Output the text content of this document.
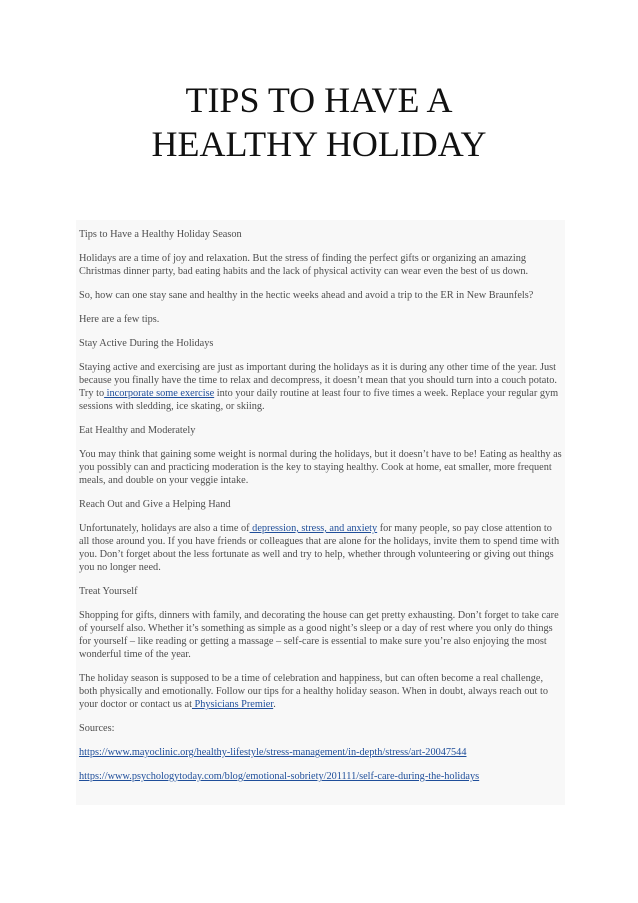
TIPS TO HAVE A
HEALTHY HOLIDAY

Tips to Have a Healthy Holiday Season

Holidays are a time of joy and relaxation. But the stress of finding the perfect gifts or organizing an amazing Christmas dinner party, bad eating habits and the lack of physical activity can wear even the best of us down.

So, how can one stay sane and healthy in the hectic weeks ahead and avoid a trip to the ER in New Braunfels?

Here are a few tips.

Stay Active During the Holidays

Staying active and exercising are just as important during the holidays as it is during any other time of the year. Just because you finally have the time to relax and decompress, it doesn’t mean that you should turn into a couch potato. Try to incorporate some exercise into your daily routine at least four to five times a week. Replace your regular gym sessions with sledding, ice skating, or skiing.

Eat Healthy and Moderately

You may think that gaining some weight is normal during the holidays, but it doesn’t have to be! Eating as healthy as you possibly can and practicing moderation is the key to staying healthy. Cook at home, eat smaller, more frequent meals, and double on your veggie intake.

Reach Out and Give a Helping Hand

Unfortunately, holidays are also a time of depression, stress, and anxiety for many people, so pay close attention to all those around you. If you have friends or colleagues that are alone for the holidays, invite them to spend time with you. Don’t forget about the less fortunate as well and try to help, whether through volunteering or giving out things you no longer need.

Treat Yourself

Shopping for gifts, dinners with family, and decorating the house can get pretty exhausting. Don’t forget to take care of yourself also. Whether it’s something as simple as a good night’s sleep or a day of rest where you only do things for yourself – like reading or getting a massage – self-care is essential to make sure you’re also enjoying the most wonderful time of the year.

The holiday season is supposed to be a time of celebration and happiness, but can often become a real challenge, both physically and emotionally. Follow our tips for a healthy holiday season. When in doubt, always reach out to your doctor or contact us at Physicians Premier.

Sources:

https://www.mayoclinic.org/healthy-lifestyle/stress-management/in-depth/stress/art-20047544

https://www.psychologytoday.com/blog/emotional-sobriety/201111/self-care-during-the-holidays
